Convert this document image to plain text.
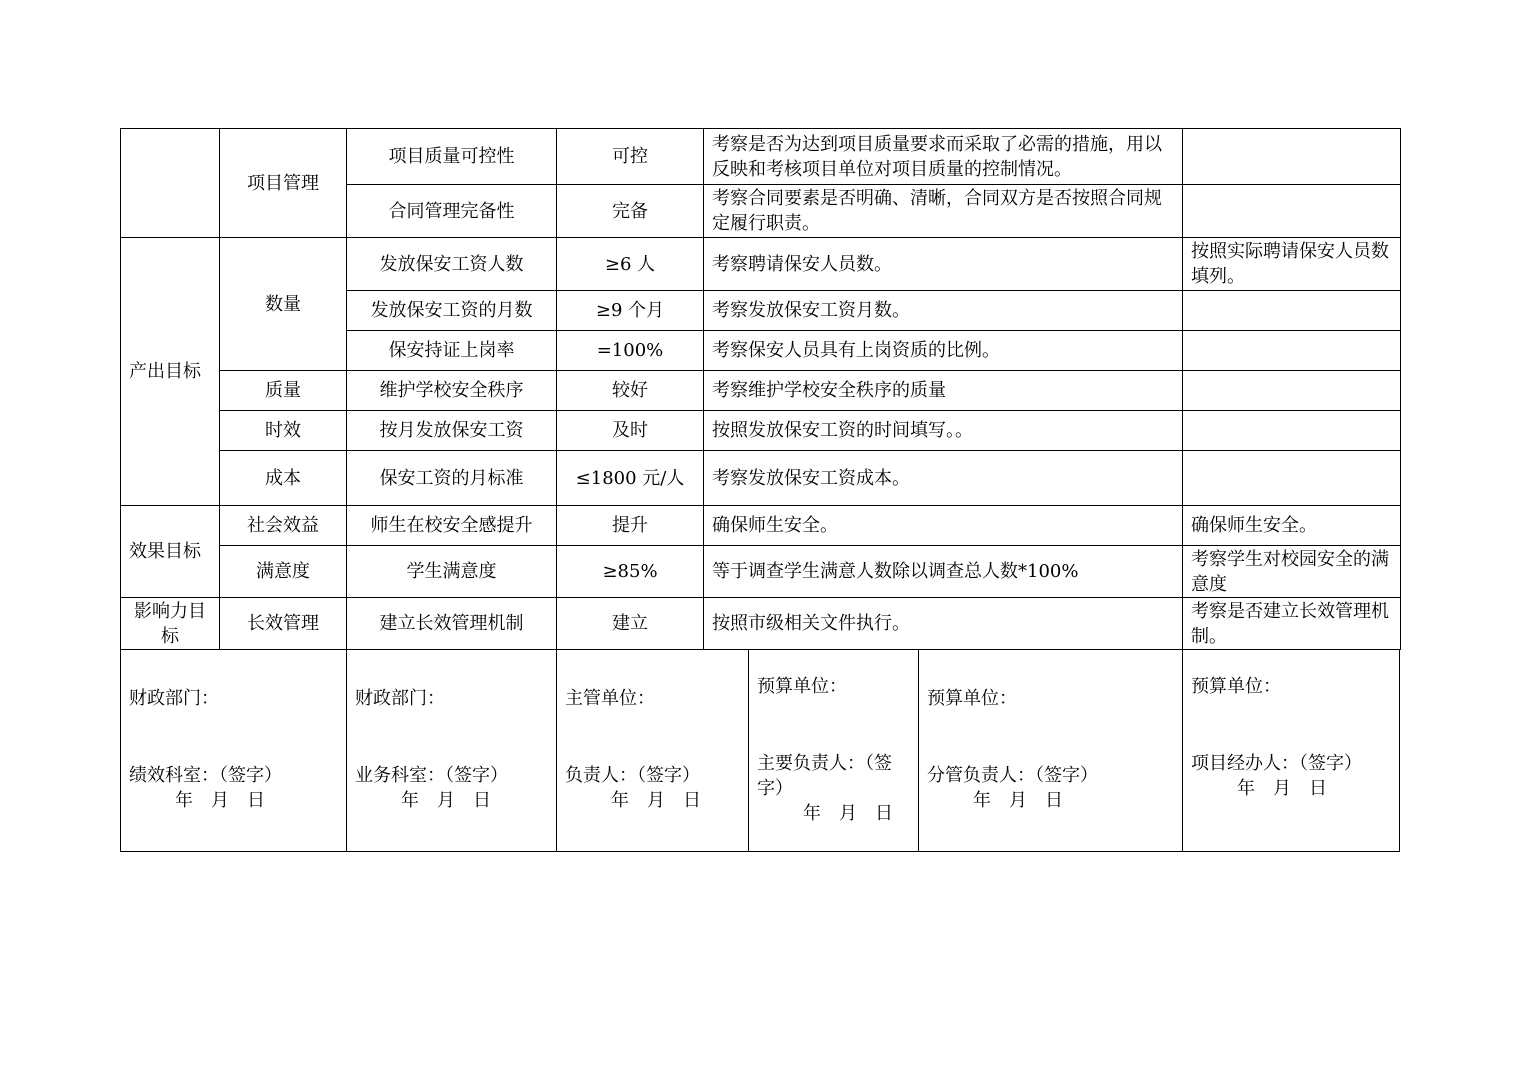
	项目管理	项目质量可控性	可控	考察是否为达到项目质量要求而采取了必需的措施，用以反映和考核项目单位对项目质量的控制情况。	
		合同管理完备性	完备	考察合同要素是否明确、清晰，合同双方是否按照合同规定履行职责。	
产出目标	数量	发放保安工资人数	≥6 人	考察聘请保安人员数。	按照实际聘请保安人员数填列。
		发放保安工资的月数	≥9 个月	考察发放保安工资月数。	
		保安持证上岗率	=100%	考察保安人员具有上岗资质的比例。	
	质量	维护学校安全秩序	较好	考察维护学校安全秩序的质量	
	时效	按月发放保安工资	及时	按照发放保安工资的时间填写。。	
	成本	保安工资的月标准	≤1800 元/人	考察发放保安工资成本。	
效果目标	社会效益	师生在校安全感提升	提升	确保师生安全。	确保师生安全。
	满意度	学生满意度	≥85%	等于调查学生满意人数除以调查总人数*100%	考察学生对校园安全的满意度
影响力目标	长效管理	建立长效管理机制	建立	按照市级相关文件执行。	考察是否建立长效管理机制。
财政部门：
绩效科室：（签字）
年　月　日
财政部门：
业务科室：（签字）
年　月　日
主管单位：
负责人：（签字）
年　月　日
预算单位：
主要负责人：（签字）
年　月　日
预算单位：
分管负责人：（签字）
年　月　日
预算单位：
项目经办人：（签字）
年　月　日
